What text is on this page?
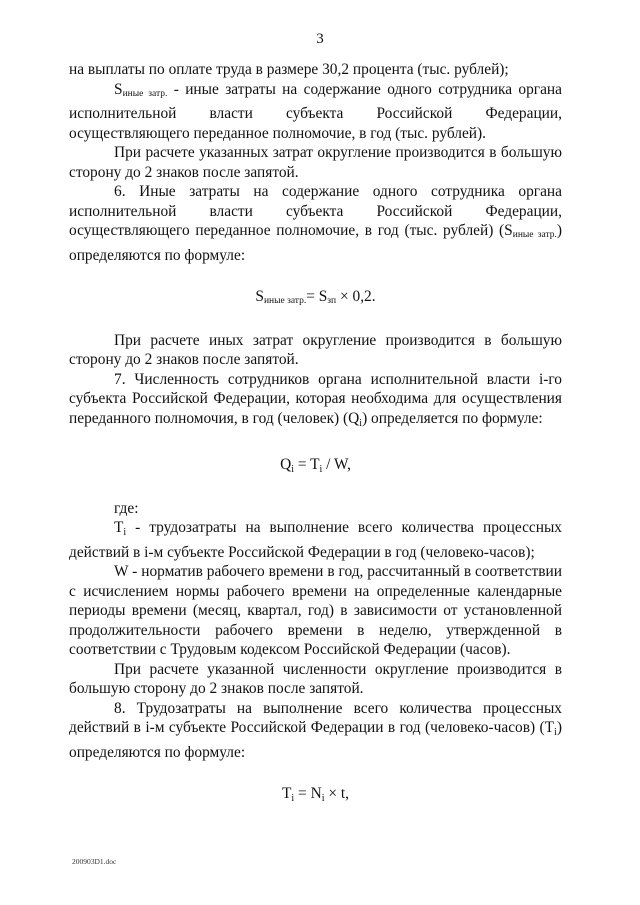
3

на выплаты по оплате труда в размере 30,2 процента (тыс. рублей);

$S_{иные затр.}$ - иные затраты на содержание одного сотрудника органа исполнительной власти субъекта Российской Федерации, осуществляющего переданное полномочие, в год (тыс. рублей).

При расчете указанных затрат округление производится в большую сторону до 2 знаков после запятой.

6. Иные затраты на содержание одного сотрудника органа исполнительной власти субъекта Российской Федерации, осуществляющего переданное полномочие, в год (тыс. рублей) $(S_{иные затр.})$ определяются по формуле:

$S_{иные затр.}= S_{зп} \times 0,2$.

При расчете иных затрат округление производится в большую сторону до 2 знаков после запятой.

7. Численность сотрудников органа исполнительной власти i-го субъекта Российской Федерации, которая необходима для осуществления переданного полномочия, в год (человек) (Qi) определяется по формуле:

Qi = Ti / W,

где:

Ti - трудозатраты на выполнение всего количества процессных действий в i-м субъекте Российской Федерации в год (человеко-часов);

W - норматив рабочего времени в год, рассчитанный в соответствии с исчислением нормы рабочего времени на определенные календарные периоды времени (месяц, квартал, год) в зависимости от установленной продолжительности рабочего времени в неделю, утвержденной в соответствии с Трудовым кодексом Российской Федерации (часов).

При расчете указанной численности округление производится в большую сторону до 2 знаков после запятой.

8. Трудозатраты на выполнение всего количества процессных действий в i-м субъекте Российской Федерации в год (человеко-часов) (Ti) определяются по формуле:

Ti = Ni × t,

200903D1.doc
